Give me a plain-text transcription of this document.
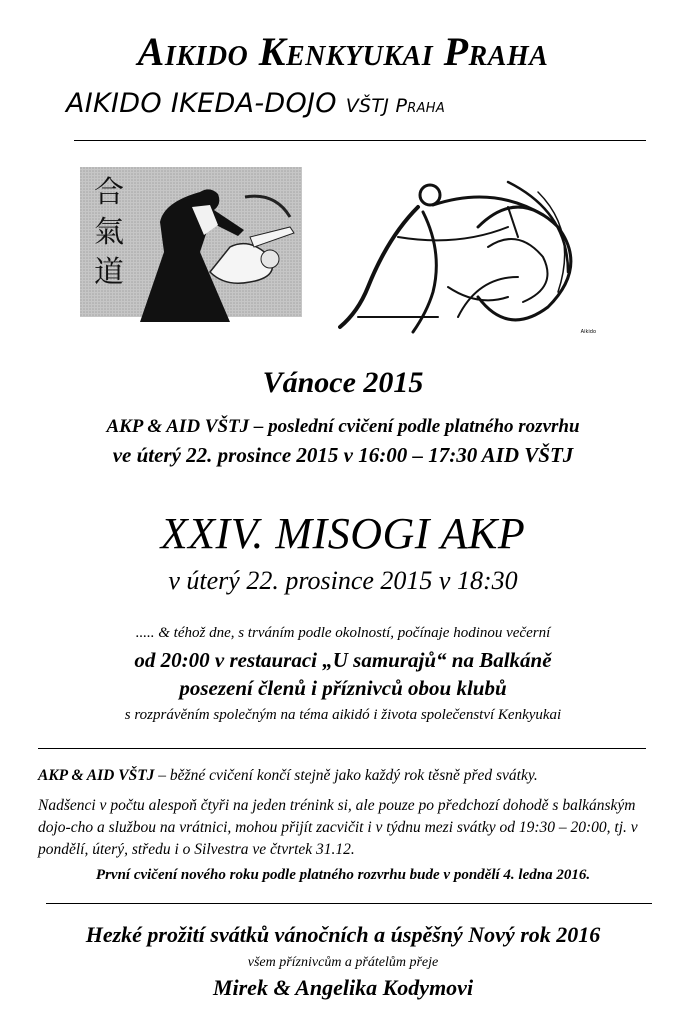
Aikido Kenkyukai Praha
AIKIDO IKEDA-DOJO VŠTJ Praha
合氣道
Aikido
Vánoce 2015
AKP & AID VŠTJ – poslední cvičení podle platného rozvrhu
ve úterý 22. prosince 2015 v 16:00 – 17:30 AID VŠTJ
XXIV. MISOGI AKP
v úterý 22. prosince 2015 v 18:30
..... & téhož dne, s trváním podle okolností, počínaje hodinou večerní
od 20:00 v restauraci „U samurajů“ na Balkáně
posezení členů i příznivců obou klubů
s rozprávěním společným na téma aikidó i života společenství Kenkyukai
AKP & AID VŠTJ – běžné cvičení končí stejně jako každý rok těsně před svátky.
Nadšenci v počtu alespoň čtyři na jeden trénink si, ale pouze po předchozí dohodě s balkánským dojo-cho a službou na vrátnici, mohou přijít zacvičit i v týdnu mezi svátky od 19:30 – 20:00, tj. v pondělí, úterý, středu i o Silvestra ve čtvrtek 31.12.
První cvičení nového roku podle platného rozvrhu bude v pondělí 4. ledna 2016.
Hezké prožití svátků vánočních a úspěšný Nový rok 2016
všem příznivcům a přátelům přeje
Mirek & Angelika Kodymovi
